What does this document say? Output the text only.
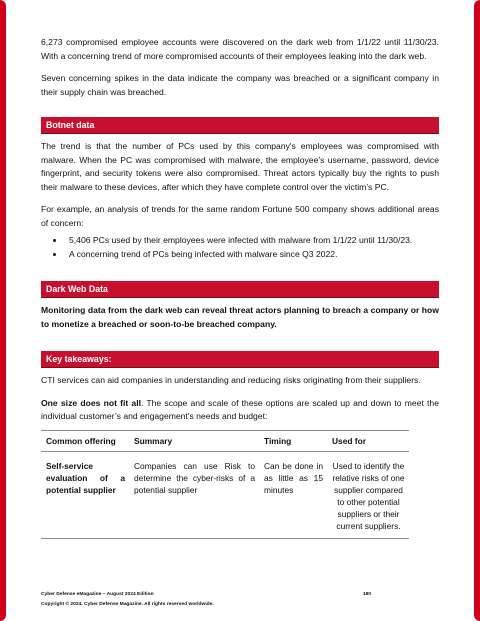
6,273 compromised employee accounts were discovered on the dark web from 1/1/22 until 11/30/23. With a concerning trend of more compromised accounts of their employees leaking into the dark web.

Seven concerning spikes in the data indicate the company was breached or a significant company in their supply chain was breached.

Botnet data

The trend is that the number of PCs used by this company's employees was compromised with malware. When the PC was compromised with malware, the employee’s username, password, device fingerprint, and security tokens were also compromised. Threat actors typically buy the rights to push their malware to these devices, after which they have complete control over the victim’s PC.

For example, an analysis of trends for the same random Fortune 500 company shows additional areas of concern:

• 5,406 PCs used by their employees were infected with malware from 1/1/22 until 11/30/23.
• A concerning trend of PCs being infected with malware since Q3 2022.
Dark Web Data

Monitoring data from the dark web can reveal threat actors planning to breach a company or how to monetize a breached or soon-to-be breached company.

Key takeaways:

CTI services can aid companies in understanding and reducing risks originating from their suppliers.

One size does not fit all. The scope and scale of these options are scaled up and down to meet the individual customer’s and engagement's needs and budget:

Common offering	Summary	Timing	Used for
Self-service evaluation of a potential supplier	Companies can use Risk to determine the cyber-risks of a potential supplier	Can be done in as little as 15 minutes	Used to identify the relative risks of one supplier compared to other potential suppliers or their current suppliers.
Cyber Defense eMagazine – August 2024 Edition	180
Copyright © 2024, Cyber Defense Magazine. All rights reserved worldwide.
